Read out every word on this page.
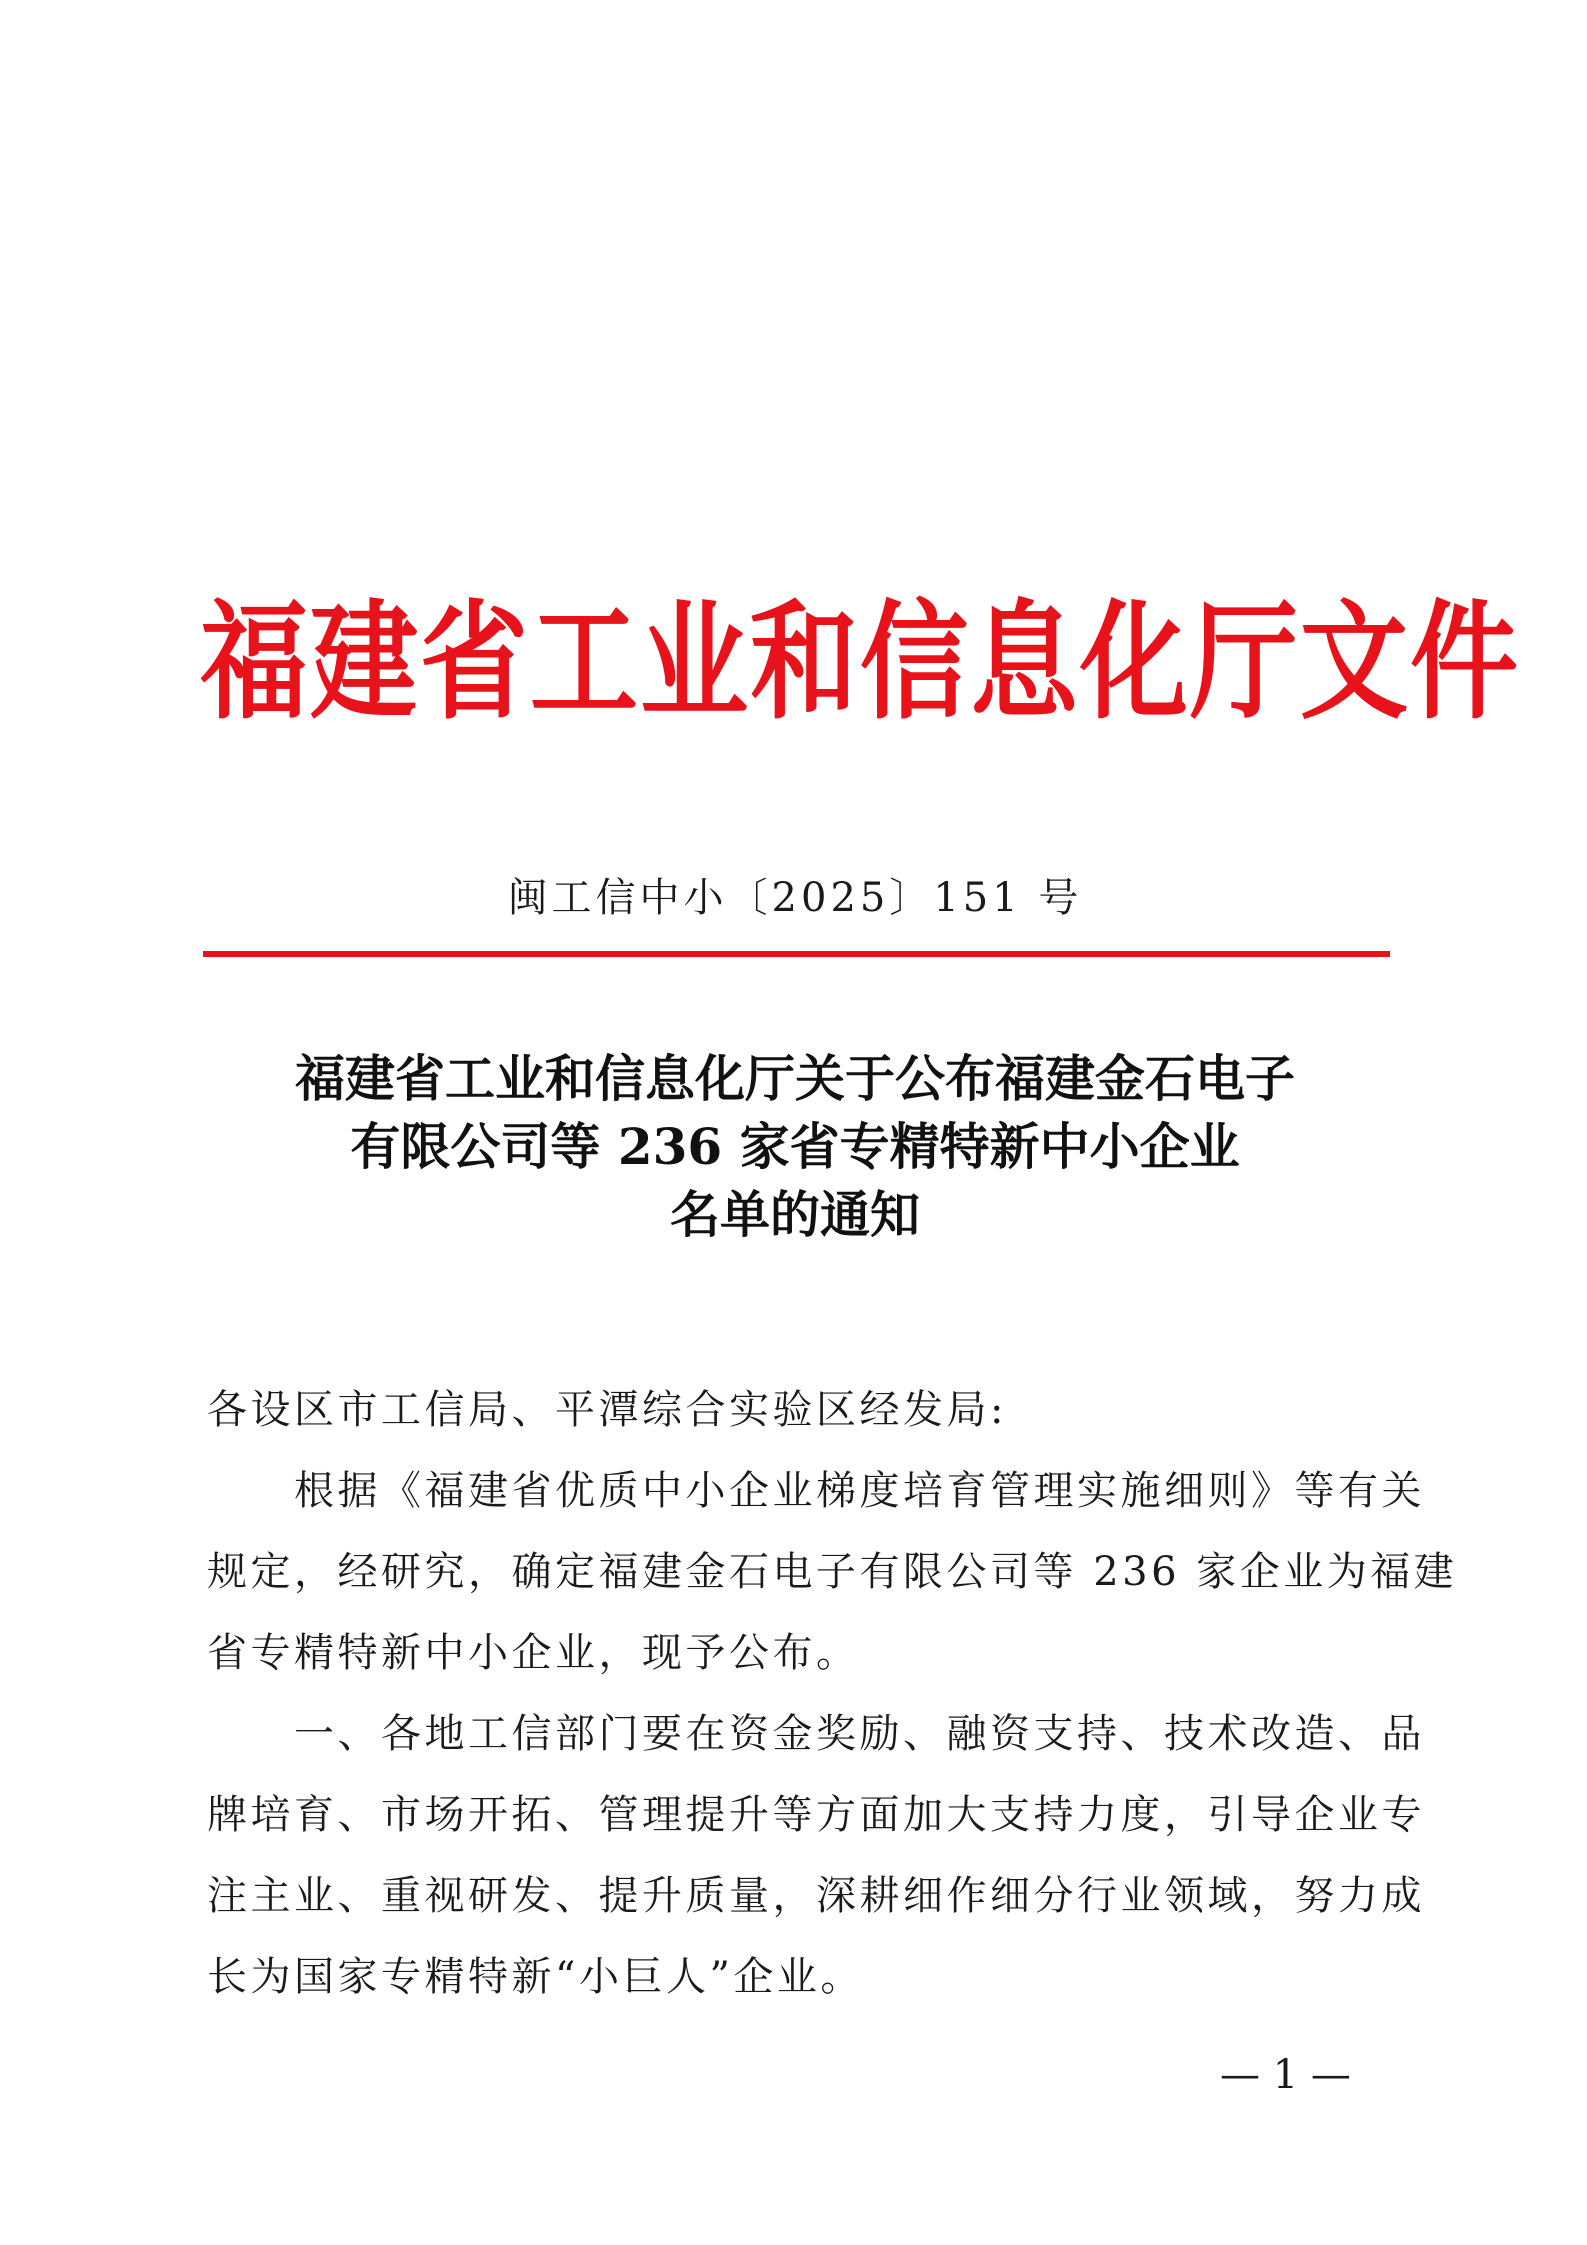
福建省工业和信息化厅文件
闽工信中小〔2025〕151 号
福建省工业和信息化厅关于公布福建金石电子
有限公司等 236 家省专精特新中小企业
名单的通知
各设区市工信局、平潭综合实验区经发局:
　　根据《福建省优质中小企业梯度培育管理实施细则》等有关
规定，经研究，确定福建金石电子有限公司等 236 家企业为福建
省专精特新中小企业，现予公布。
　　一、各地工信部门要在资金奖励、融资支持、技术改造、品
牌培育、市场开拓、管理提升等方面加大支持力度，引导企业专
注主业、重视研发、提升质量，深耕细作细分行业领域，努力成
长为国家专精特新“小巨人”企业。
— 1 —
